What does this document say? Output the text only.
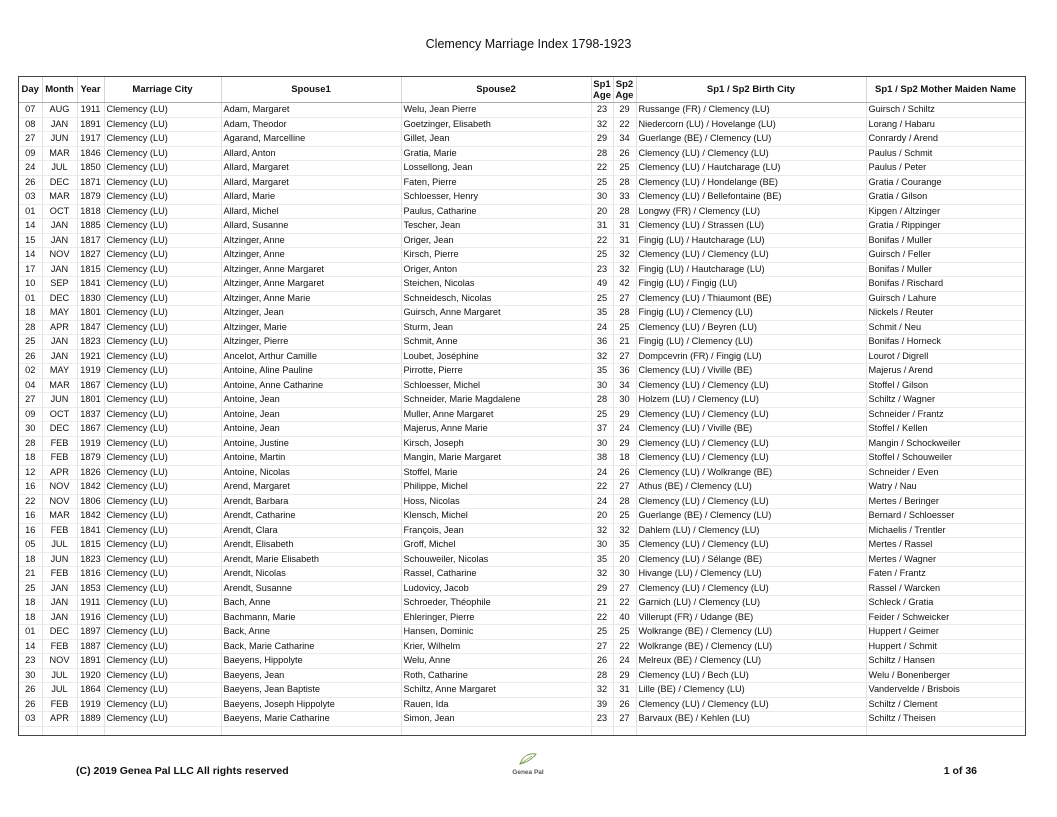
Clemency Marriage Index 1798-1923
Day	Month	Year	Marriage City	Spouse1	Spouse2	Sp1 Age	Sp2 Age	Sp1 / Sp2 Birth City	Sp1 / Sp2 Mother Maiden Name
07	AUG	1911	Clemency (LU)	Adam, Margaret	Welu, Jean Pierre	23	29	Russange (FR) / Clemency (LU)	Guirsch / Schiltz
08	JAN	1891	Clemency (LU)	Adam, Theodor	Goetzinger, Elisabeth	32	22	Niedercorn (LU) / Hovelange (LU)	Lorang / Habaru
27	JUN	1917	Clemency (LU)	Agarand, Marcelline	Gillet, Jean	29	34	Guerlange (BE) / Clemency (LU)	Conrardy / Arend
09	MAR	1846	Clemency (LU)	Allard, Anton	Gratia, Marie	28	26	Clemency (LU) / Clemency (LU)	Paulus / Schmit
24	JUL	1850	Clemency (LU)	Allard, Margaret	Lossellong, Jean	22	25	Clemency (LU) / Hautcharage (LU)	Paulus / Peter
26	DEC	1871	Clemency (LU)	Allard, Margaret	Faten, Pierre	25	28	Clemency (LU) / Hondelange (BE)	Gratia / Courange
03	MAR	1879	Clemency (LU)	Allard, Marie	Schloesser, Henry	30	33	Clemency (LU) / Bellefontaine (BE)	Gratia / Gilson
01	OCT	1818	Clemency (LU)	Allard, Michel	Paulus, Catharine	20	28	Longwy (FR) / Clemency (LU)	Kipgen / Altzinger
14	JAN	1885	Clemency (LU)	Allard, Susanne	Tescher, Jean	31	31	Clemency (LU) / Strassen (LU)	Gratia / Rippinger
15	JAN	1817	Clemency (LU)	Altzinger, Anne	Origer, Jean	22	31	Fingig (LU) / Hautcharage (LU)	Bonifas / Muller
14	NOV	1827	Clemency (LU)	Altzinger, Anne	Kirsch, Pierre	25	32	Clemency (LU) / Clemency (LU)	Guirsch / Feller
17	JAN	1815	Clemency (LU)	Altzinger, Anne Margaret	Origer, Anton	23	32	Fingig (LU) / Hautcharage (LU)	Bonifas / Muller
10	SEP	1841	Clemency (LU)	Altzinger, Anne Margaret	Steichen, Nicolas	49	42	Fingig (LU) / Fingig (LU)	Bonifas / Rischard
01	DEC	1830	Clemency (LU)	Altzinger, Anne Marie	Schneidesch, Nicolas	25	27	Clemency (LU) / Thiaumont (BE)	Guirsch / Lahure
18	MAY	1801	Clemency (LU)	Altzinger, Jean	Guirsch, Anne Margaret	35	28	Fingig (LU) / Clemency (LU)	Nickels / Reuter
28	APR	1847	Clemency (LU)	Altzinger, Marie	Sturm, Jean	24	25	Clemency (LU) / Beyren (LU)	Schmit / Neu
25	JAN	1823	Clemency (LU)	Altzinger, Pierre	Schmit, Anne	36	21	Fingig (LU) / Clemency (LU)	Bonifas / Horneck
26	JAN	1921	Clemency (LU)	Ancelot, Arthur Camille	Loubet, Joséphine	32	27	Dompcevrin (FR) / Fingig (LU)	Lourot / Digrell
02	MAY	1919	Clemency (LU)	Antoine, Aline Pauline	Pirrotte, Pierre	35	36	Clemency (LU) / Viville (BE)	Majerus / Arend
04	MAR	1867	Clemency (LU)	Antoine, Anne Catharine	Schloesser, Michel	30	34	Clemency (LU) / Clemency (LU)	Stoffel / Gilson
27	JUN	1801	Clemency (LU)	Antoine, Jean	Schneider, Marie Magdalene	28	30	Holzem (LU) / Clemency (LU)	Schiltz / Wagner
09	OCT	1837	Clemency (LU)	Antoine, Jean	Muller, Anne Margaret	25	29	Clemency (LU) / Clemency (LU)	Schneider / Frantz
30	DEC	1867	Clemency (LU)	Antoine, Jean	Majerus, Anne Marie	37	24	Clemency (LU) / Viville (BE)	Stoffel / Kellen
28	FEB	1919	Clemency (LU)	Antoine, Justine	Kirsch, Joseph	30	29	Clemency (LU) / Clemency (LU)	Mangin / Schockweiler
18	FEB	1879	Clemency (LU)	Antoine, Martin	Mangin, Marie Margaret	38	18	Clemency (LU) / Clemency (LU)	Stoffel / Schouweiler
12	APR	1826	Clemency (LU)	Antoine, Nicolas	Stoffel, Marie	24	26	Clemency (LU) / Wolkrange (BE)	Schneider / Even
16	NOV	1842	Clemency (LU)	Arend, Margaret	Philippe, Michel	22	27	Athus (BE) / Clemency (LU)	Watry / Nau
22	NOV	1806	Clemency (LU)	Arendt, Barbara	Hoss, Nicolas	24	28	Clemency (LU) / Clemency (LU)	Mertes / Beringer
16	MAR	1842	Clemency (LU)	Arendt, Catharine	Klensch, Michel	20	25	Guerlange (BE) / Clemency (LU)	Bernard / Schloesser
16	FEB	1841	Clemency (LU)	Arendt, Clara	François, Jean	32	32	Dahlem (LU) / Clemency (LU)	Michaelis / Trentler
05	JUL	1815	Clemency (LU)	Arendt, Elisabeth	Groff, Michel	30	35	Clemency (LU) / Clemency (LU)	Mertes / Rassel
18	JUN	1823	Clemency (LU)	Arendt, Marie Elisabeth	Schouweiler, Nicolas	35	20	Clemency (LU) / Sélange (BE)	Mertes / Wagner
21	FEB	1816	Clemency (LU)	Arendt, Nicolas	Rassel, Catharine	32	30	Hivange (LU) / Clemency (LU)	Faten / Frantz
25	JAN	1853	Clemency (LU)	Arendt, Susanne	Ludovicy, Jacob	29	27	Clemency (LU) / Clemency (LU)	Rassel / Warcken
18	JAN	1911	Clemency (LU)	Bach, Anne	Schroeder, Théophile	21	22	Garnich (LU) / Clemency (LU)	Schleck / Gratia
18	JAN	1916	Clemency (LU)	Bachmann, Marie	Ehleringer, Pierre	22	40	Villerupt (FR) / Udange (BE)	Feider / Schweicker
01	DEC	1897	Clemency (LU)	Back, Anne	Hansen, Dominic	25	25	Wolkrange (BE) / Clemency (LU)	Huppert / Geimer
14	FEB	1887	Clemency (LU)	Back, Marie Catharine	Krier, Wilhelm	27	22	Wolkrange (BE) / Clemency (LU)	Huppert / Schmit
23	NOV	1891	Clemency (LU)	Baeyens, Hippolyte	Welu, Anne	26	24	Melreux (BE) / Clemency (LU)	Schiltz / Hansen
30	JUL	1920	Clemency (LU)	Baeyens, Jean	Roth, Catharine	28	29	Clemency (LU) / Bech (LU)	Welu / Bonenberger
26	JUL	1864	Clemency (LU)	Baeyens, Jean Baptiste	Schiltz, Anne Margaret	32	31	Lille (BE) / Clemency (LU)	Vandervelde / Brisbois
26	FEB	1919	Clemency (LU)	Baeyens, Joseph Hippolyte	Rauen, Ida	39	26	Clemency (LU) / Clemency (LU)	Schiltz / Clement
03	APR	1889	Clemency (LU)	Baeyens, Marie Catharine	Simon, Jean	23	27	Barvaux (BE) / Kehlen (LU)	Schiltz / Theisen

(C) 2019 Genea Pal LLC All rights reserved	Genea Pal	1 of 36
